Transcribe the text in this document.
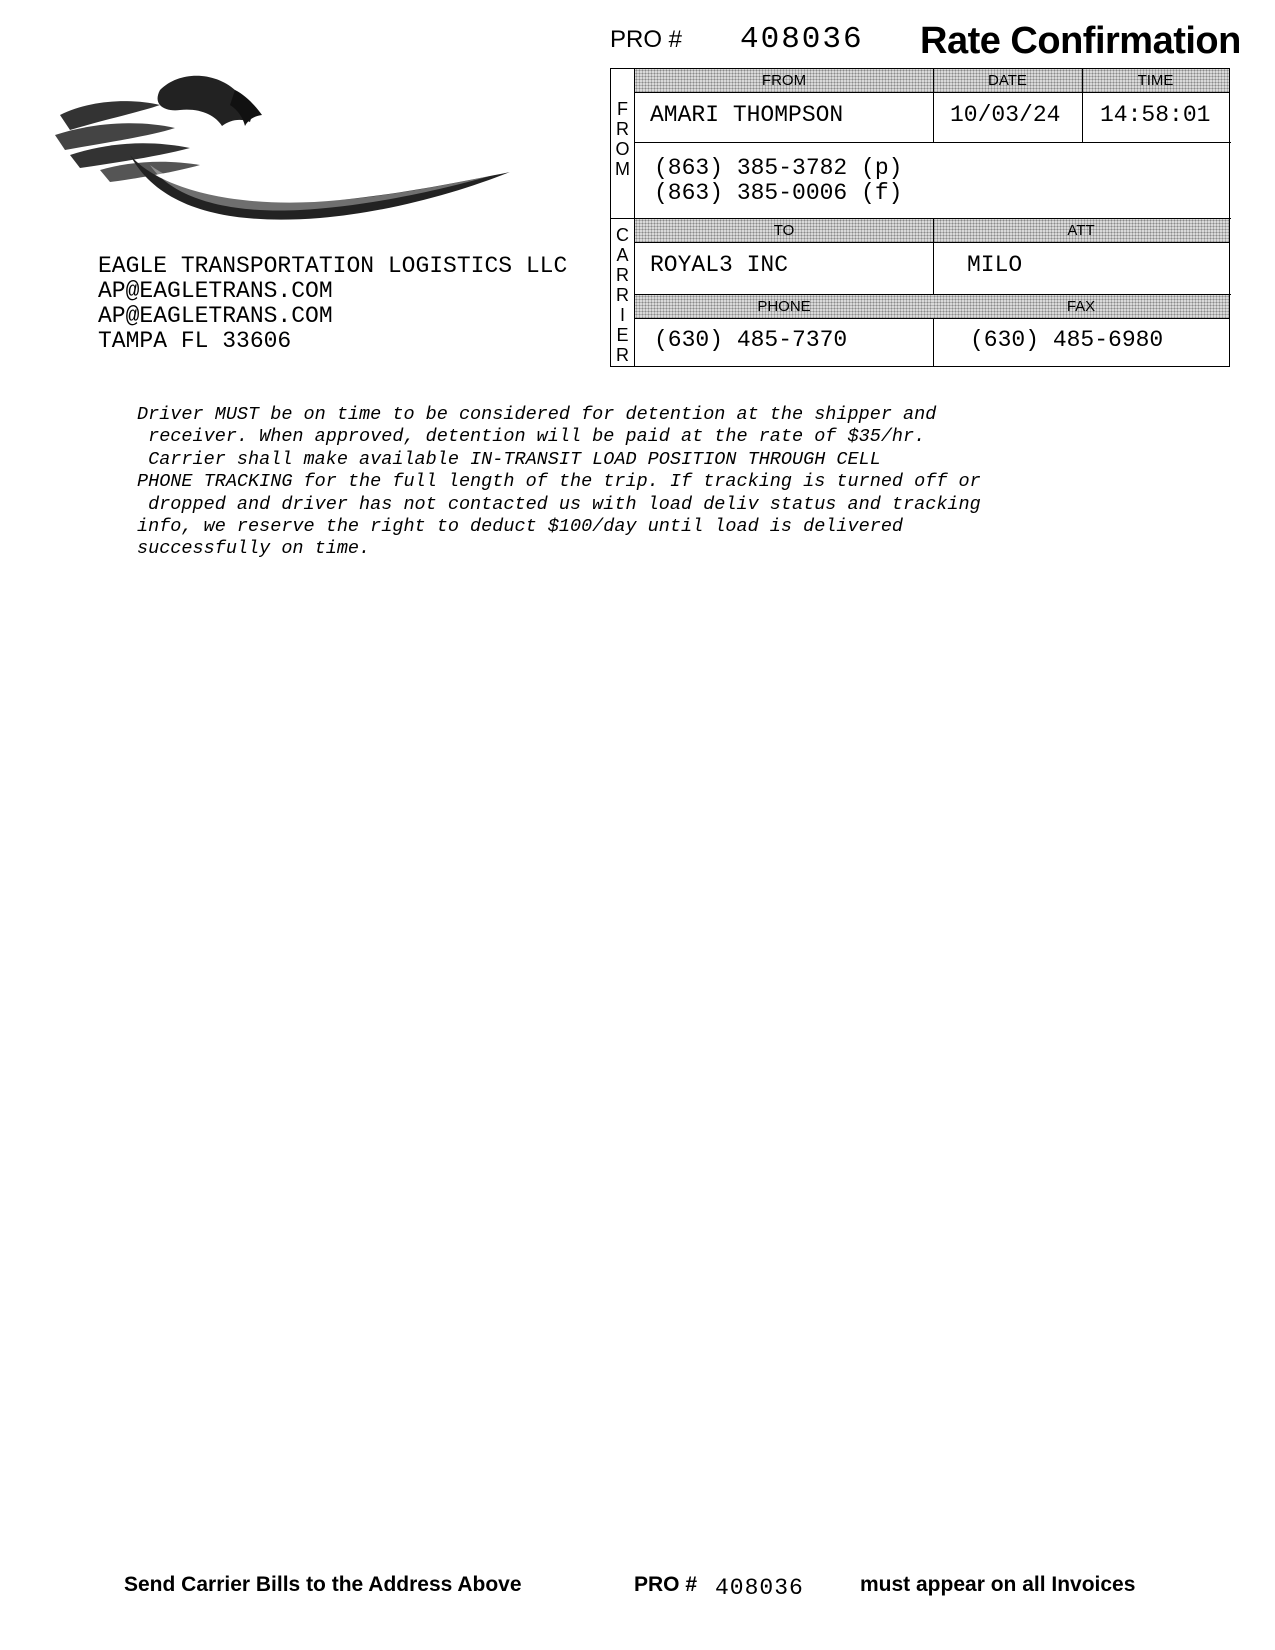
PRO # 408036 Rate Confirmation
EAGLE TRANSPORTATION LOGISTICS LLC
AP@EAGLETRANS.COM
AP@EAGLETRANS.COM
TAMPA FL 33606
F
R
O
M
C
A
R
R
I
E
R
FROM	DATE	TIME
AMARI THOMPSON	10/03/24 14:58:01
(863) 385-3782 (p)
(863) 385-0006 (f)
TO	ATT
ROYAL3 INC	MILO
PHONE	FAX
(630) 485-7370	(630) 485-6980
Driver MUST be on time to be considered for detention at the shipper and
receiver. When approved, detention will be paid at the rate of $35/hr.
Carrier shall make available IN-TRANSIT LOAD POSITION THROUGH CELL
PHONE TRACKING for the full length of the trip. If tracking is turned off or
dropped and driver has not contacted us with load deliv status and tracking
info, we reserve the right to deduct $100/day until load is delivered
successfully on time.
Send Carrier Bills to the Address Above	PRO # 408036	must appear on all Invoices
